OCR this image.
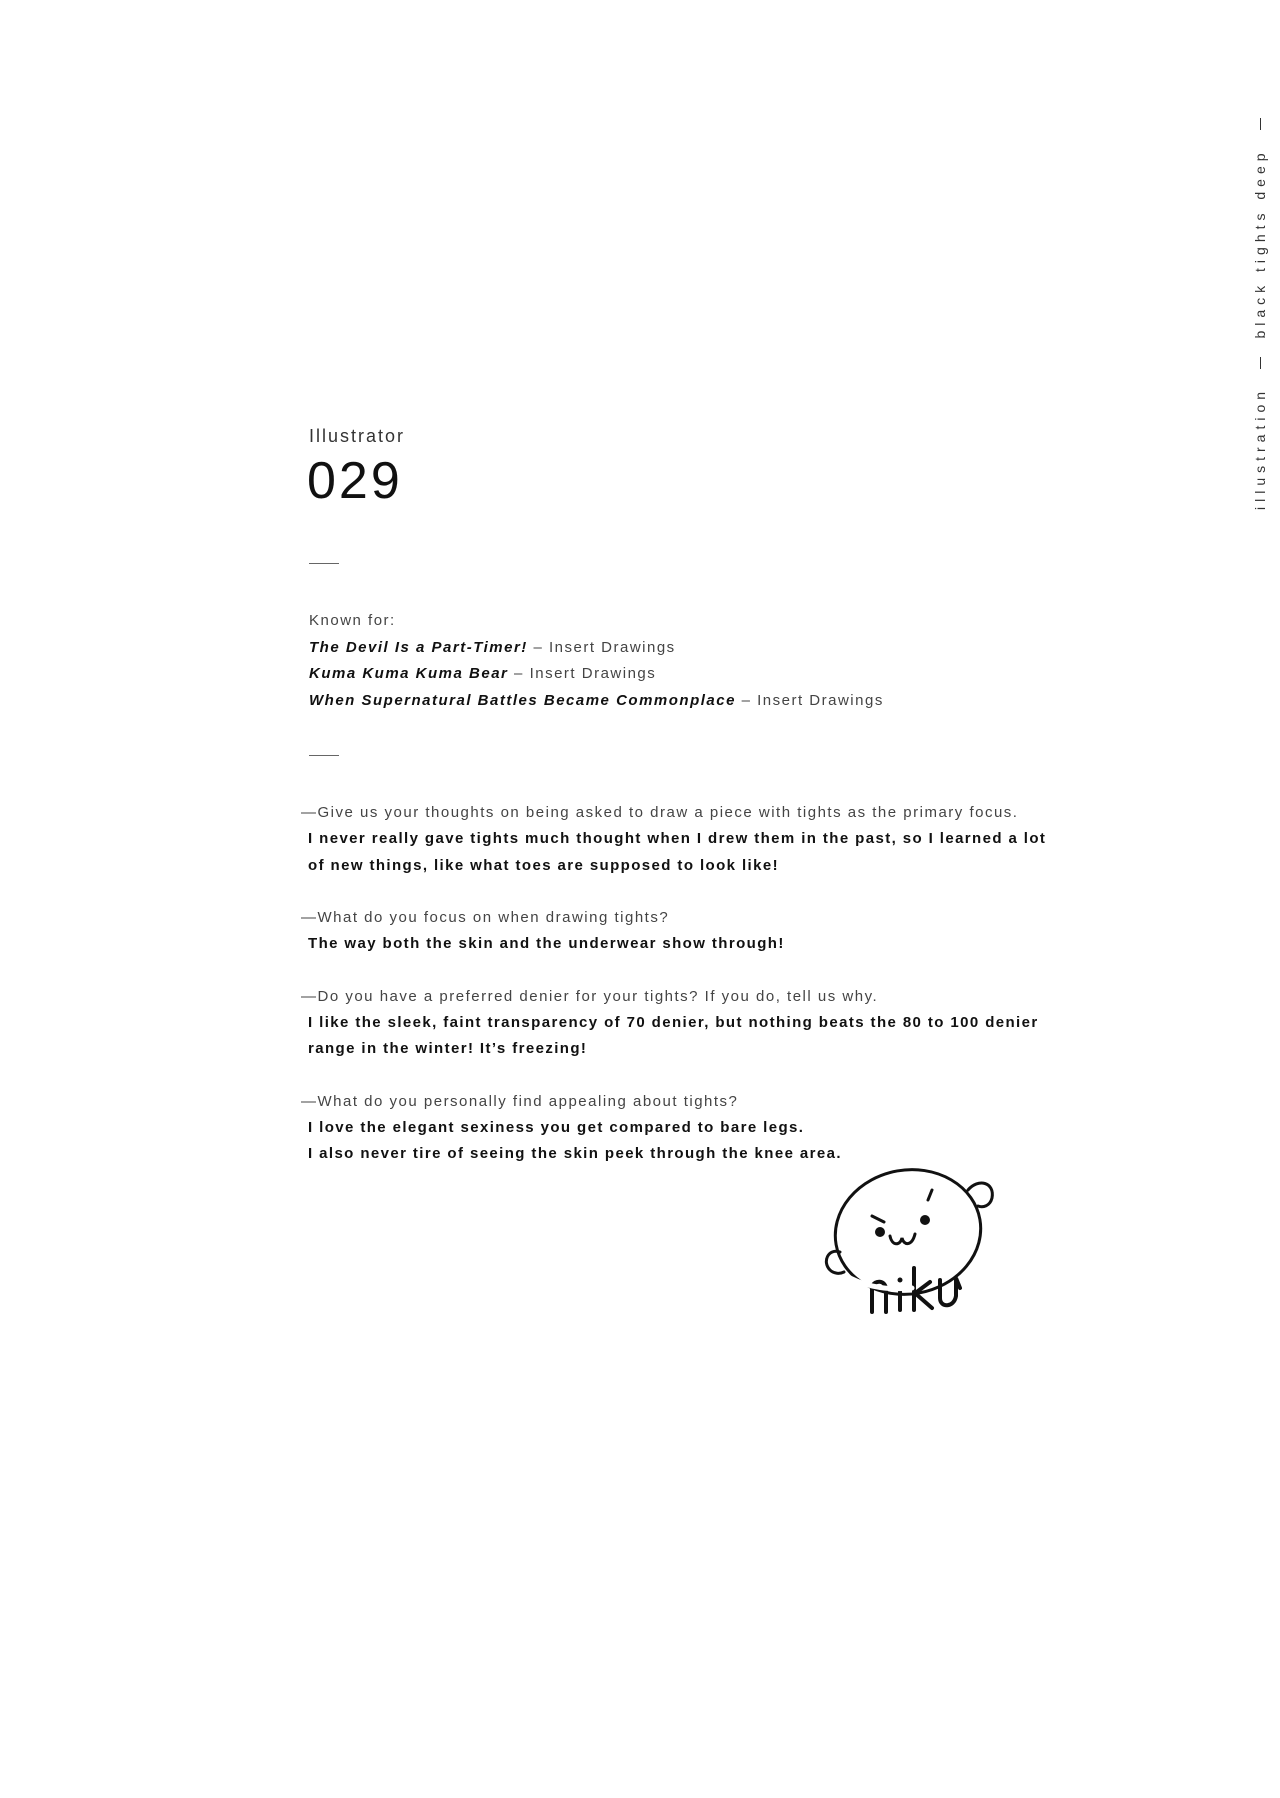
illustration
black tights deep
Illustrator
029
Known for:
The Devil Is a Part-Timer! – Insert Drawings
Kuma Kuma Kuma Bear – Insert Drawings
When Supernatural Battles Became Commonplace – Insert Drawings
—Give us your thoughts on being asked to draw a piece with tights as the primary focus.
I never really gave tights much thought when I drew them in the past, so I learned a lot
of new things, like what toes are supposed to look like!
—What do you focus on when drawing tights?
The way both the skin and the underwear show through!
—Do you have a preferred denier for your tights? If you do, tell us why.
I like the sleek, faint transparency of 70 denier, but nothing beats the 80 to 100 denier
range in the winter! It’s freezing!
—What do you personally find appealing about tights?
I love the elegant sexiness you get compared to bare legs.
I also never tire of seeing the skin peek through the knee area.
